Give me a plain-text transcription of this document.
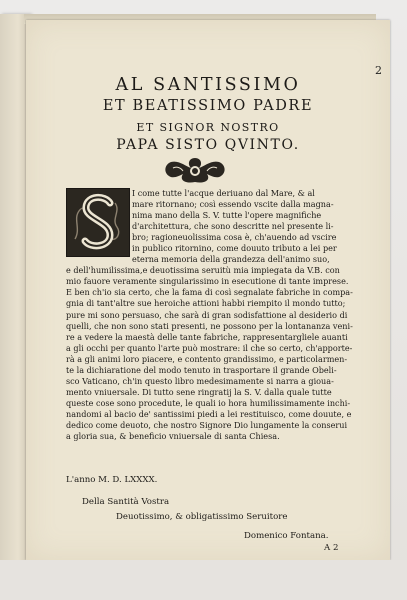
2
AL SANTISSIMO
ET BEATISSIMO PADRE
ET SIGNOR NOSTRO
PAPA SISTO QVINTO.
I come tutte l'acque deriuano dal Mare, & al
mare ritornano; così essendo vscite dalla magna-
nima mano della S. V. tutte l'opere magnifiche
d'architettura, che sono descritte nel presente li-
bro; ragioneuolissima cosa è, ch'auendo ad vscire
in publico ritornino, come douuto tributo a lei per
eterna memoria della grandezza dell'animo suo,
e dell'humilissima,e deuotissima seruitù mia impiegata da V.B. con
mio fauore veramente singularissimo in esecutione di tante imprese.
E ben ch'io sia certo, che la fama di così segnalate fabriche in compa-
gnia di tant'altre sue heroiche attioni habbi riempito il mondo tutto;
pure mi sono persuaso, che sarà di gran sodisfattione al desiderio di
quelli, che non sono stati presenti, ne possono per la lontananza veni-
re a vedere la maestà delle tante fabriche, rappresentargliele auanti
a gli occhi per quanto l'arte può mostrare: il che so certo, ch'apporte-
rà a gli animi loro piacere, e contento grandissimo, e particolarmen-
te la dichiaratione del modo tenuto in trasportare il grande Obeli-
sco Vaticano, ch'in questo libro medesimamente si narra a gioua-
mento vniuersale. Di tutto sene ringratij la S. V. dalla quale tutte
queste cose sono procedute, le quali io hora humilissimamente inchi-
nandomi al bacio de' santissimi piedi a lei restituisco, come douute, e
dedico come deuoto, che nostro Signore Dio lungamente la conserui
a gloria sua, & beneficio vniuersale di santa Chiesa.
L'anno M. D. LXXXX.
Della Santità Vostra
Deuotissimo, & obligatissimo Seruitore
Domenico Fontana.
A 2
